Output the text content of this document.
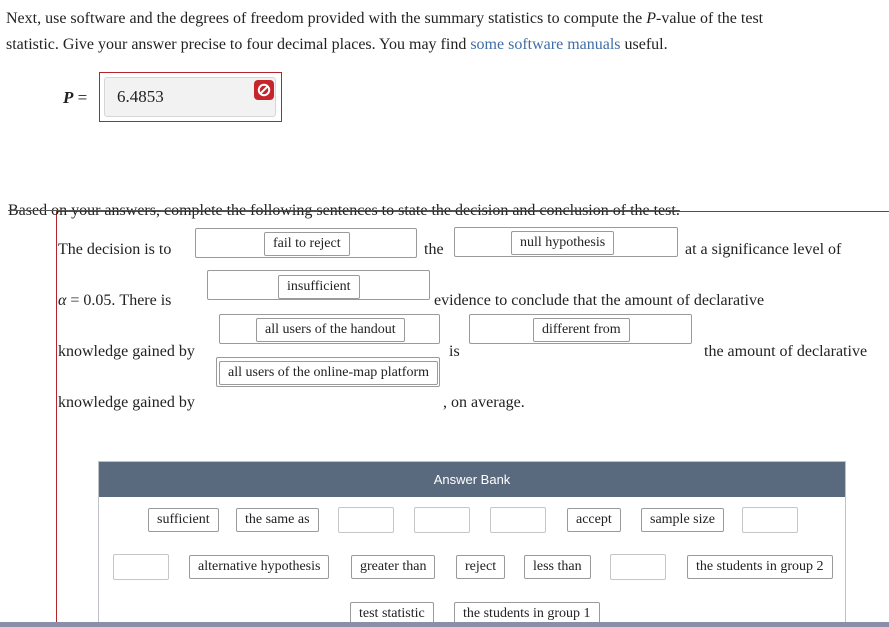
Next, use software and the degrees of freedom provided with the summary statistics to compute the P-value of the test
statistic. Give your answer precise to four decimal places. You may find some software manuals useful.
P =	6.4853
Based on your answers, complete the following sentences to state the decision and conclusion of the test.
The decision is to	fail to reject	the	null hypothesis	at a significance level of
α = 0.05. There is
insufficient
evidence to conclude that the amount of declarative
knowledge gained by
all users of the handout
is
different from
the amount of declarative
all users of the online-map platform
knowledge gained by	, on average.
Answer Bank
sufficient	the same as	accept	sample size
alternative hypothesis	greater than	reject	less than	the students in group 2
test statistic	the students in group 1
